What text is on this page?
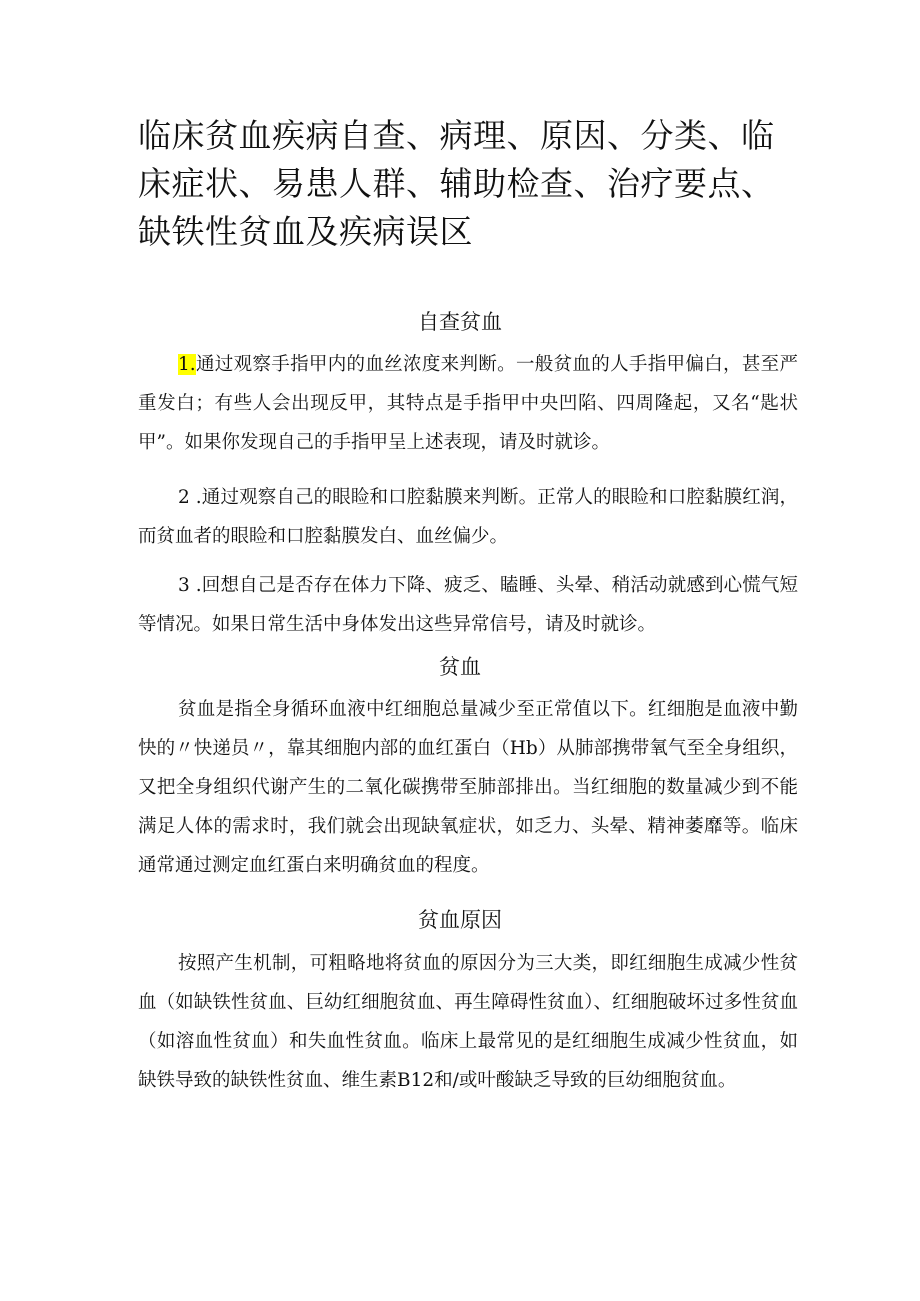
临床贫血疾病自查、病理、原因、分类、临床症状、易患人群、辅助检查、治疗要点、缺铁性贫血及疾病误区
自查贫血

1.通过观察手指甲内的血丝浓度来判断。一般贫血的人手指甲偏白，甚至严重发白；有些人会出现反甲，其特点是手指甲中央凹陷、四周隆起，又名“匙状甲”。如果你发现自己的手指甲呈上述表现，请及时就诊。

2 .通过观察自己的眼睑和口腔黏膜来判断。正常人的眼睑和口腔黏膜红润，而贫血者的眼睑和口腔黏膜发白、血丝偏少。

3 .回想自己是否存在体力下降、疲乏、瞌睡、头晕、稍活动就感到心慌气短等情况。如果日常生活中身体发出这些异常信号，请及时就诊。

贫血

贫血是指全身循环血液中红细胞总量减少至正常值以下。红细胞是血液中勤快的〃快递员〃，靠其细胞内部的血红蛋白（Hb）从肺部携带氧气至全身组织，又把全身组织代谢产生的二氧化碳携带至肺部排出。当红细胞的数量减少到不能满足人体的需求时，我们就会出现缺氧症状，如乏力、头晕、精神萎靡等。临床通常通过测定血红蛋白来明确贫血的程度。

贫血原因

按照产生机制，可粗略地将贫血的原因分为三大类，即红细胞生成减少性贫血（如缺铁性贫血、巨幼红细胞贫血、再生障碍性贫血）、红细胞破坏过多性贫血（如溶血性贫血）和失血性贫血。临床上最常见的是红细胞生成减少性贫血，如缺铁导致的缺铁性贫血、维生素B12和/或叶酸缺乏导致的巨幼细胞贫血。
